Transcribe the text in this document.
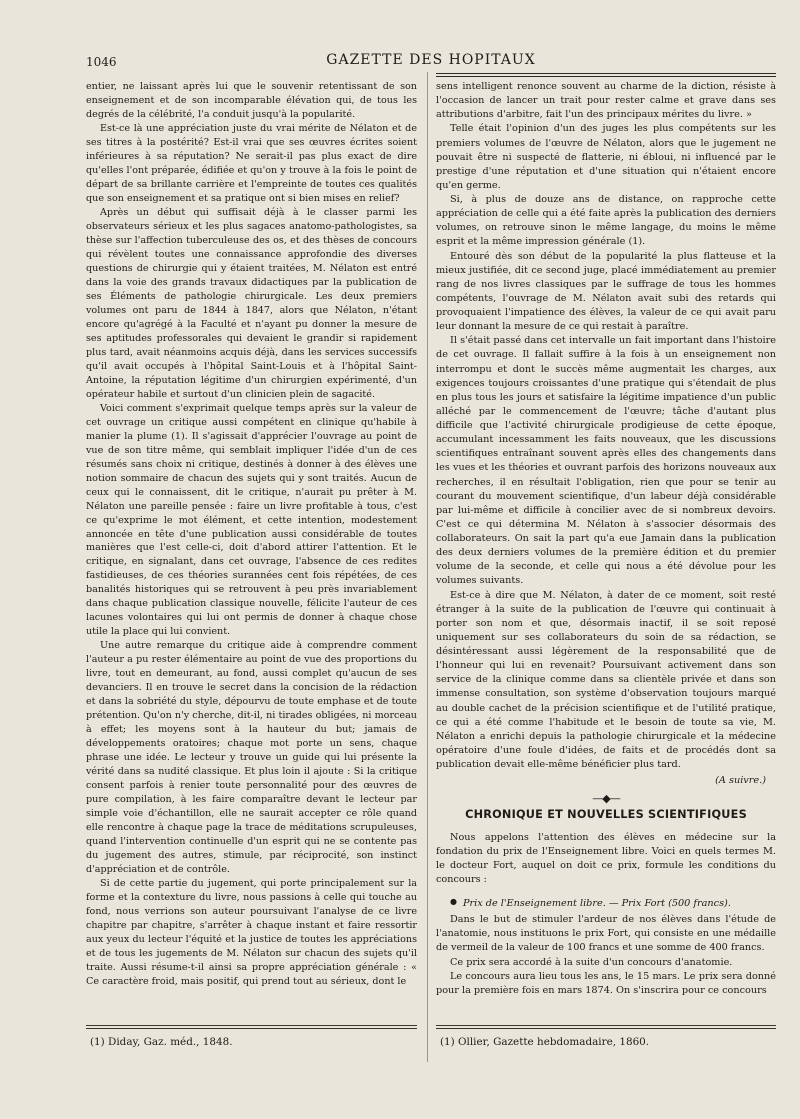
1046	GAZETTE DES HOPITAUX

entier, ne laissant après lui que le souvenir retentissant de son enseignement et de son incomparable élévation qui, de tous les degrés de la célébrité, l'a conduit jusqu'à la popularité.

Est-ce là une appréciation juste du vrai mérite de Nélaton et de ses titres à la postérité? Est-il vrai que ses œuvres écrites soient inférieures à sa réputation? Ne serait-il pas plus exact de dire qu'elles l'ont préparée, édifiée et qu'on y trouve à la fois le point de départ de sa brillante carrière et l'empreinte de toutes ces qualités que son enseignement et sa pratique ont si bien mises en relief?

Après un début qui suffisait déjà à le classer parmi les observateurs sérieux et les plus sagaces anatomo-pathologistes, sa thèse sur l'affection tuberculeuse des os, et des thèses de concours qui révèlent toutes une connaissance approfondie des diverses questions de chirurgie qui y étaient traitées, M. Nélaton est entré dans la voie des grands travaux didactiques par la publication de ses Éléments de pathologie chirurgicale. Les deux premiers volumes ont paru de 1844 à 1847, alors que Nélaton, n'étant encore qu'agrégé à la Faculté et n'ayant pu donner la mesure de ses aptitudes professorales qui devaient le grandir si rapidement plus tard, avait néanmoins acquis déjà, dans les services successifs qu'il avait occupés à l'hôpital Saint-Louis et à l'hôpital Saint-Antoine, la réputation légitime d'un chirurgien expérimenté, d'un opérateur habile et surtout d'un clinicien plein de sagacité.

Voici comment s'exprimait quelque temps après sur la valeur de cet ouvrage un critique aussi compétent en clinique qu'habile à manier la plume (1). Il s'agissait d'apprécier l'ouvrage au point de vue de son titre même, qui semblait impliquer l'idée d'un de ces résumés sans choix ni critique, destinés à donner à des élèves une notion sommaire de chacun des sujets qui y sont traités. Aucun de ceux qui le connaissent, dit le critique, n'aurait pu prêter à M. Nélaton une pareille pensée : faire un livre profitable à tous, c'est ce qu'exprime le mot élément, et cette intention, modestement annoncée en tête d'une publication aussi considérable de toutes manières que l'est celle-ci, doit d'abord attirer l'attention. Et le critique, en signalant, dans cet ouvrage, l'absence de ces redites fastidieuses, de ces théories surannées cent fois répétées, de ces banalités historiques qui se retrouvent à peu près invariablement dans chaque publication classique nouvelle, félicite l'auteur de ces lacunes volontaires qui lui ont permis de donner à chaque chose utile la place qui lui convient.

Une autre remarque du critique aide à comprendre comment l'auteur a pu rester élémentaire au point de vue des proportions du livre, tout en demeurant, au fond, aussi complet qu'aucun de ses devanciers. Il en trouve le secret dans la concision de la rédaction et dans la sobriété du style, dépourvu de toute emphase et de toute prétention. Qu'on n'y cherche, dit-il, ni tirades obligées, ni morceau à effet; les moyens sont à la hauteur du but; jamais de développements oratoires; chaque mot porte un sens, chaque phrase une idée. Le lecteur y trouve un guide qui lui présente la vérité dans sa nudité classique. Et plus loin il ajoute : Si la critique consent parfois à renier toute personnalité pour des œuvres de pure compilation, à les faire comparaître devant le lecteur par simple voie d'échantillon, elle ne saurait accepter ce rôle quand elle rencontre à chaque page la trace de méditations scrupuleuses, quand l'intervention continuelle d'un esprit qui ne se contente pas du jugement des autres, stimule, par réciprocité, son instinct d'appréciation et de contrôle.

Si de cette partie du jugement, qui porte principalement sur la forme et la contexture du livre, nous passions à celle qui touche au fond, nous verrions son auteur poursuivant l'analyse de ce livre chapitre par chapitre, s'arrêter à chaque instant et faire ressortir aux yeux du lecteur l'équité et la justice de toutes les appréciations et de tous les jugements de M. Nélaton sur chacun des sujets qu'il traite. Aussi résume-t-il ainsi sa propre appréciation générale : « Ce caractère froid, mais positif, qui prend tout au sérieux, dont le

sens intelligent renonce souvent au charme de la diction, résiste à l'occasion de lancer un trait pour rester calme et grave dans ses attributions d'arbitre, fait l'un des principaux mérites du livre. »

Telle était l'opinion d'un des juges les plus compétents sur les premiers volumes de l'œuvre de Nélaton, alors que le jugement ne pouvait être ni suspecté de flatterie, ni ébloui, ni influencé par le prestige d'une réputation et d'une situation qui n'étaient encore qu'en germe.

Si, à plus de douze ans de distance, on rapproche cette appréciation de celle qui a été faite après la publication des derniers volumes, on retrouve sinon le même langage, du moins le même esprit et la même impression générale (1).

Entouré dès son début de la popularité la plus flatteuse et la mieux justifiée, dit ce second juge, placé immédiatement au premier rang de nos livres classiques par le suffrage de tous les hommes compétents, l'ouvrage de M. Nélaton avait subi des retards qui provoquaient l'impatience des élèves, la valeur de ce qui avait paru leur donnant la mesure de ce qui restait à paraître.

Il s'était passé dans cet intervalle un fait important dans l'histoire de cet ouvrage. Il fallait suffire à la fois à un enseignement non interrompu et dont le succès même augmentait les charges, aux exigences toujours croissantes d'une pratique qui s'étendait de plus en plus tous les jours et satisfaire la légitime impatience d'un public alléché par le commencement de l'œuvre; tâche d'autant plus difficile que l'activité chirurgicale prodigieuse de cette époque, accumulant incessamment les faits nouveaux, que les discussions scientifiques entraînant souvent après elles des changements dans les vues et les théories et ouvrant parfois des horizons nouveaux aux recherches, il en résultait l'obligation, rien que pour se tenir au courant du mouvement scientifique, d'un labeur déjà considérable par lui-même et difficile à concilier avec de si nombreux devoirs. C'est ce qui détermina M. Nélaton à s'associer désormais des collaborateurs. On sait la part qu'a eue Jamain dans la publication des deux derniers volumes de la première édition et du premier volume de la seconde, et celle qui nous a été dévolue pour les volumes suivants.

Est-ce à dire que M. Nélaton, à dater de ce moment, soit resté étranger à la suite de la publication de l'œuvre qui continuait à porter son nom et que, désormais inactif, il se soit reposé uniquement sur ses collaborateurs du soin de sa rédaction, se désintéressant aussi légèrement de la responsabilité que de l'honneur qui lui en revenait? Poursuivant activement dans son service de la clinique comme dans sa clientèle privée et dans son immense consultation, son système d'observation toujours marqué au double cachet de la précision scientifique et de l'utilité pratique, ce qui a été comme l'habitude et le besoin de toute sa vie, M. Nélaton a enrichi depuis la pathologie chirurgicale et la médecine opératoire d'une foule d'idées, de faits et de procédés dont sa publication devait elle-même bénéficier plus tard.

(A suivre.)
—◆—
CHRONIQUE ET NOUVELLES SCIENTIFIQUES

Nous appelons l'attention des élèves en médecine sur la fondation du prix de l'Enseignement libre. Voici en quels termes M. le docteur Fort, auquel on doit ce prix, formule les conditions du concours :

● Prix de l'Enseignement libre. — Prix Fort (500 francs).

Dans le but de stimuler l'ardeur de nos élèves dans l'étude de l'anatomie, nous instituons le prix Fort, qui consiste en une médaille de vermeil de la valeur de 100 francs et une somme de 400 francs.

Ce prix sera accordé à la suite d'un concours d'anatomie.

Le concours aura lieu tous les ans, le 15 mars. Le prix sera donné pour la première fois en mars 1874. On s'inscrira pour ce concours

(1) Diday, Gaz. méd., 1848.	(1) Ollier, Gazette hebdomadaire, 1860.
